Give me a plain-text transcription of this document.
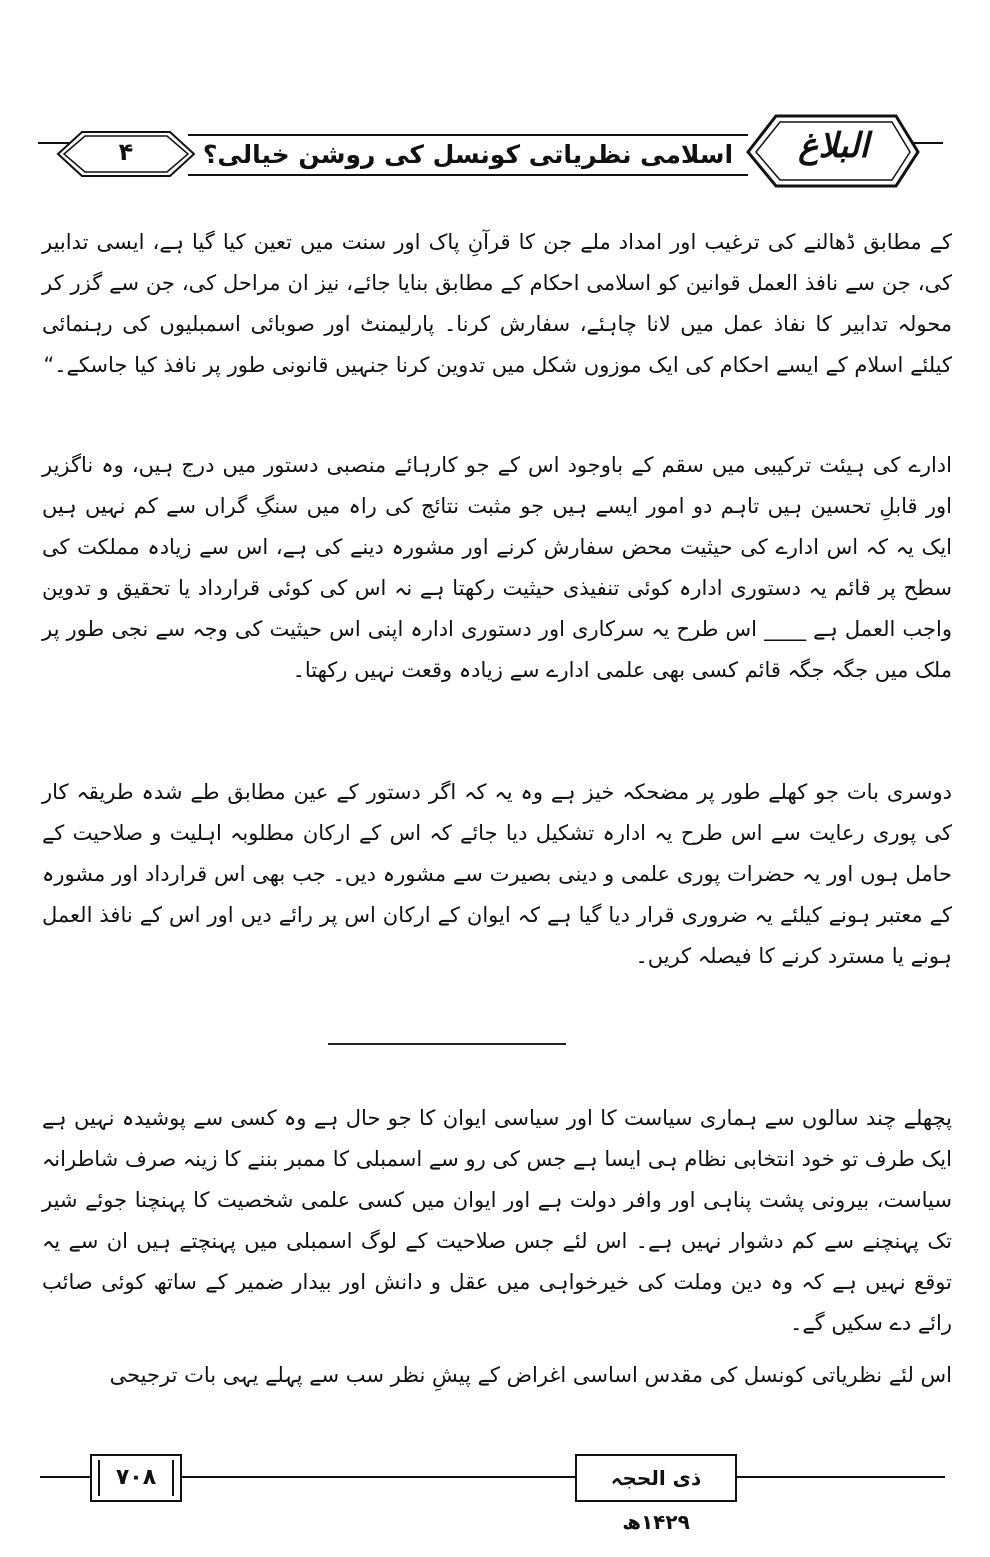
۴	اسلامی نظریاتی کونسل کی روشن خیالی؟	البلاغ

کے مطابق ڈھالنے کی ترغیب اور امداد ملے جن کا قرآنِ پاک اور سنت میں تعین کیا گیا ہے، ایسی تدابیر کی، جن سے نافذ العمل قوانین کو اسلامی احکام کے مطابق بنایا جائے، نیز ان مراحل کی، جن سے گزر کر محولہ تدابیر کا نفاذ عمل میں لانا چاہئے، سفارش کرنا۔ پارلیمنٹ اور صوبائی اسمبلیوں کی رہنمائی کیلئے اسلام کے ایسے احکام کی ایک موزوں شکل میں تدوین کرنا جنہیں قانونی طور پر نافذ کیا جاسکے۔“

ادارے کی ہیئت ترکیبی میں سقم کے باوجود اس کے جو کارہائے منصبی دستور میں درج ہیں، وہ ناگزیر اور قابلِ تحسین ہیں تاہم دو امور ایسے ہیں جو مثبت نتائج کی راہ میں سنگِ گراں سے کم نہیں ہیں ایک یہ کہ اس ادارے کی حیثیت محض سفارش کرنے اور مشورہ دینے کی ہے، اس سے زیادہ مملکت کی سطح پر قائم یہ دستوری ادارہ کوئی تنفیذی حیثیت رکھتا ہے نہ اس کی کوئی قرارداد یا تحقیق و تدوین واجب العمل ہے ____ اس طرح یہ سرکاری اور دستوری ادارہ اپنی اس حیثیت کی وجہ سے نجی طور پر ملک میں جگہ جگہ قائم کسی بھی علمی ادارے سے زیادہ وقعت نہیں رکھتا۔

دوسری بات جو کھلے طور پر مضحکہ خیز ہے وہ یہ کہ اگر دستور کے عین مطابق طے شدہ طریقہ کار کی پوری رعایت سے اس طرح یہ ادارہ تشکیل دیا جائے کہ اس کے ارکان مطلوبہ اہلیت و صلاحیت کے حامل ہوں اور یہ حضرات پوری علمی و دینی بصیرت سے مشورہ دیں۔ جب بھی اس قرارداد اور مشورہ کے معتبر ہونے کیلئے یہ ضروری قرار دیا گیا ہے کہ ایوان کے ارکان اس پر رائے دیں اور اس کے نافذ العمل ہونے یا مسترد کرنے کا فیصلہ کریں۔

پچھلے چند سالوں سے ہماری سیاست کا اور سیاسی ایوان کا جو حال ہے وہ کسی سے پوشیدہ نہیں ہے ایک طرف تو خود انتخابی نظام ہی ایسا ہے جس کی رو سے اسمبلی کا ممبر بننے کا زینہ صرف شاطرانہ سیاست، بیرونی پشت پناہی اور وافر دولت ہے اور ایوان میں کسی علمی شخصیت کا پہنچنا جوئے شیر تک پہنچنے سے کم دشوار نہیں ہے۔ اس لئے جس صلاحیت کے لوگ اسمبلی میں پہنچتے ہیں ان سے یہ توقع نہیں ہے کہ وہ دین وملت کی خیرخواہی میں عقل و دانش اور بیدار ضمیر کے ساتھ کوئی صائب رائے دے سکیں گے۔

اس لئے نظریاتی کونسل کی مقدس اساسی اغراض کے پیشِ نظر سب سے پہلے یہی بات ترجیحی

۷۰۸	ذی الحجہ ۱۴۲۹ھ
